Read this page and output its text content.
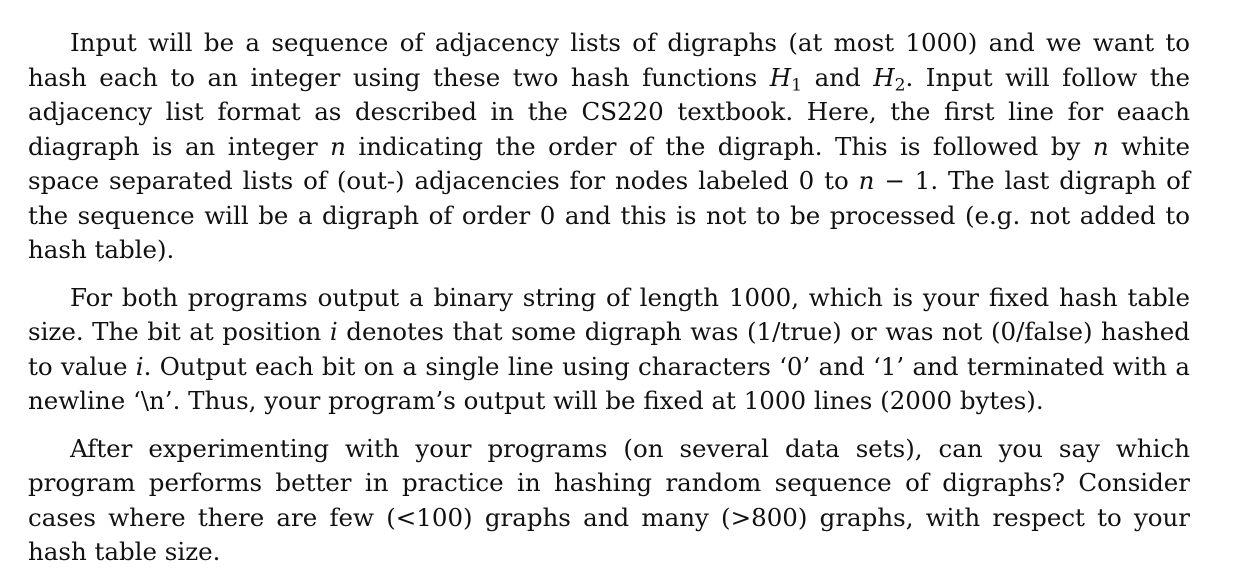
Input will be a sequence of adjacency lists of digraphs (at most 1000) and we want to hash each to an integer using these two hash functions $H_1$ and $H_2$. Input will follow the adjacency list format as described in the CS220 textbook. Here, the first line for eaach diagraph is an integer n indicating the order of the digraph. This is followed by n white space separated lists of (out-) adjacencies for nodes labeled 0 to n − 1. The last digraph of the sequence will be a digraph of order 0 and this is not to be processed (e.g. not added to hash table).

For both programs output a binary string of length 1000, which is your fixed hash table size. The bit at position i denotes that some digraph was (1/true) or was not (0/false) hashed to value i. Output each bit on a single line using characters ‘0’ and ‘1’ and terminated with a newline ‘\n’. Thus, your program’s output will be fixed at 1000 lines (2000 bytes).

After experimenting with your programs (on several data sets), can you say which program performs better in practice in hashing random sequence of digraphs? Consider cases where there are few (<100) graphs and many (>800) graphs, with respect to your hash table size.
